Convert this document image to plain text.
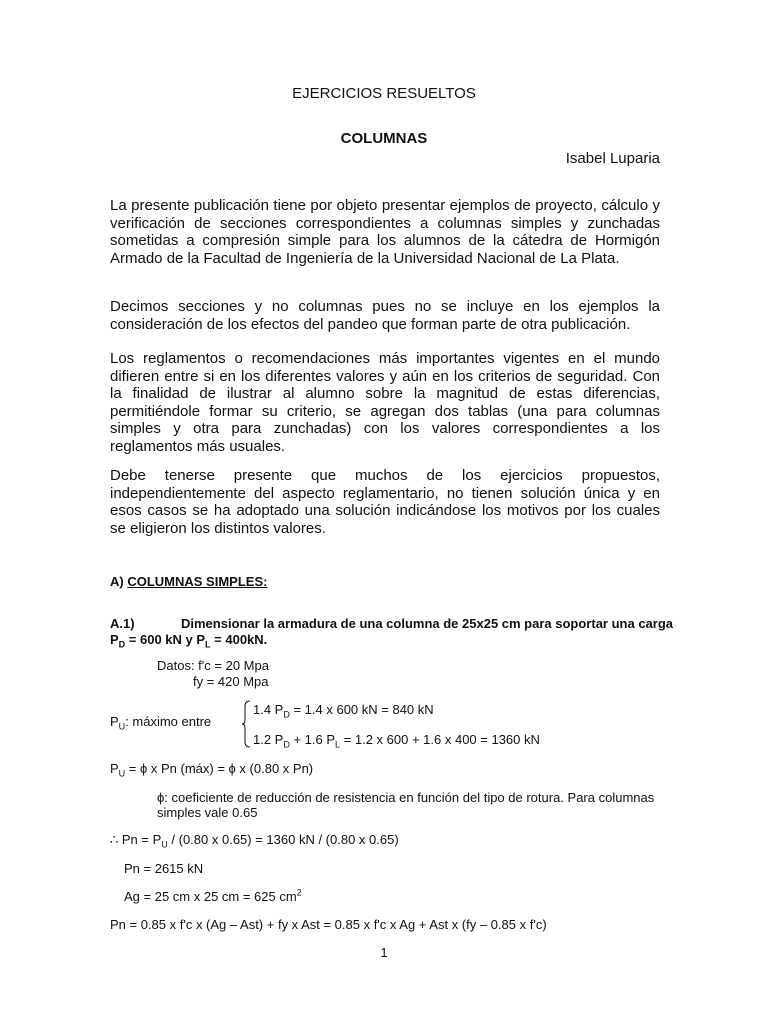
EJERCICIOS RESUELTOS
COLUMNAS
Isabel Luparia

La presente publicación tiene por objeto presentar ejemplos de proyecto, cálculo y verificación de secciones correspondientes a columnas simples y zunchadas sometidas a compresión simple para los alumnos de la cátedra de Hormigón Armado de la Facultad de Ingeniería de la Universidad Nacional de La Plata.

Decimos secciones y no columnas pues no se incluye en los ejemplos la consideración de los efectos del pandeo que forman parte de otra publicación.

Los reglamentos o recomendaciones más importantes vigentes en el mundo difieren entre si en los diferentes valores y aún en los criterios de seguridad. Con la finalidad de ilustrar al alumno sobre la magnitud de estas diferencias, permitiéndole formar su criterio, se agregan dos tablas (una para columnas simples y otra para zunchadas) con los valores correspondientes a los reglamentos más usuales.

Debe tenerse presente que muchos de los ejercicios propuestos, independientemente del aspecto reglamentario, no tienen solución única y en esos casos se ha adoptado una solución indicándose los motivos por los cuales se eligieron los distintos valores.

A) COLUMNAS SIMPLES:
A.1)	Dimensionar la armadura de una columna de 25x25 cm para soportar una carga
$P_D = 600$ kN y $P_L = 400kN$.
Datos: f'c = 20 Mpa
fy = 420 Mpa
$P_U$: máximo entre
1.4 $P_D = 1.4$ x 600 kN = 840 kN
1.2 $P_D + 1.6$ $P_L = 1.2$ x 600 + 1.6 x 400 = 1360 kN
$P_U = \phi$ x Pn (máx) = ϕ x (0.80 x Pn)
ϕ: coeficiente de reducción de resistencia en función del tipo de rotura. Para columnas
simples vale 0.65
∴ $Pn = P_U / (0.80$ x 0.65) = 1360 kN / (0.80 x 0.65)
Pn = 2615 kN
Ag = 25 cm x 25 cm = 625 $cm^2$
Pn = 0.85 x f'c x (Ag – Ast) + fy x Ast = 0.85 x f'c x Ag + Ast x (fy – 0.85 x f'c)
1
